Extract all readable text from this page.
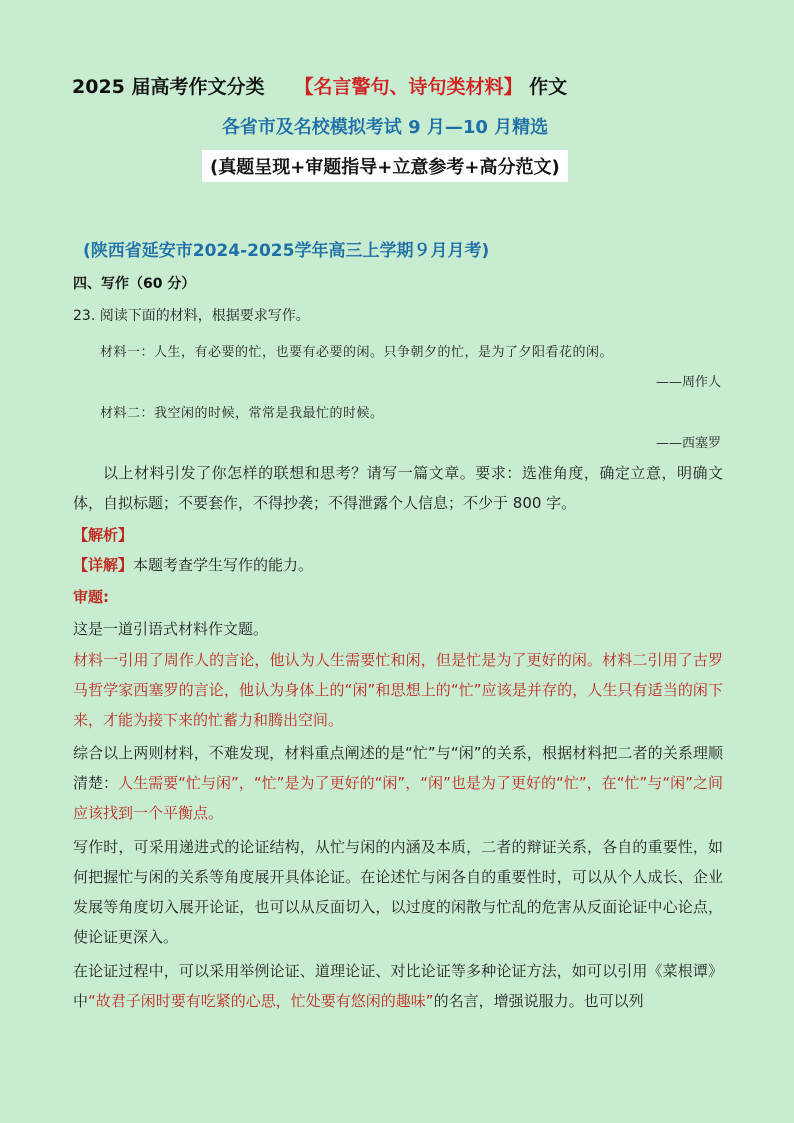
2025 届高考作文分类 【名言警句、诗句类材料】 作文
各省市及名校模拟考试 9 月—10 月精选
(真题呈现+审题指导+立意参考+高分范文)
(陕西省延安市2024-2025学年高三上学期９月月考)
四、写作（60 分）
23. 阅读下面的材料，根据要求写作。
材料一：人生，有必要的忙，也要有必要的闲。只争朝夕的忙，是为了夕阳看花的闲。
——周作人
材料二：我空闲的时候，常常是我最忙的时候。
——西塞罗
以上材料引发了你怎样的联想和思考？请写一篇文章。要求：选准角度，确定立意，明确文体，自拟标题；不要套作，不得抄袭；不得泄露个人信息；不少于 800 字。
【解析】
【详解】本题考查学生写作的能力。
审题:
这是一道引语式材料作文题。
材料一引用了周作人的言论，他认为人生需要忙和闲，但是忙是为了更好的闲。材料二引用了古罗马哲学家西塞罗的言论，他认为身体上的“闲”和思想上的“忙”应该是并存的，人生只有适当的闲下来，才能为接下来的忙蓄力和腾出空间。
综合以上两则材料，不难发现，材料重点阐述的是“忙”与“闲”的关系，根据材料把二者的关系理顺清楚：人生需要“忙与闲”，“忙”是为了更好的“闲”，“闲”也是为了更好的“忙”，在“忙”与“闲”之间应该找到一个平衡点。
写作时，可采用递进式的论证结构，从忙与闲的内涵及本质，二者的辩证关系，各自的重要性，如何把握忙与闲的关系等角度展开具体论证。在论述忙与闲各自的重要性时，可以从个人成长、企业发展等角度切入展开论证，也可以从反面切入，以过度的闲散与忙乱的危害从反面论证中心论点，使论证更深入。
在论证过程中，可以采用举例论证、道理论证、对比论证等多种论证方法，如可以引用《菜根谭》中“故君子闲时要有吃紧的心思，忙处要有悠闲的趣味”的名言，增强说服力。也可以列
